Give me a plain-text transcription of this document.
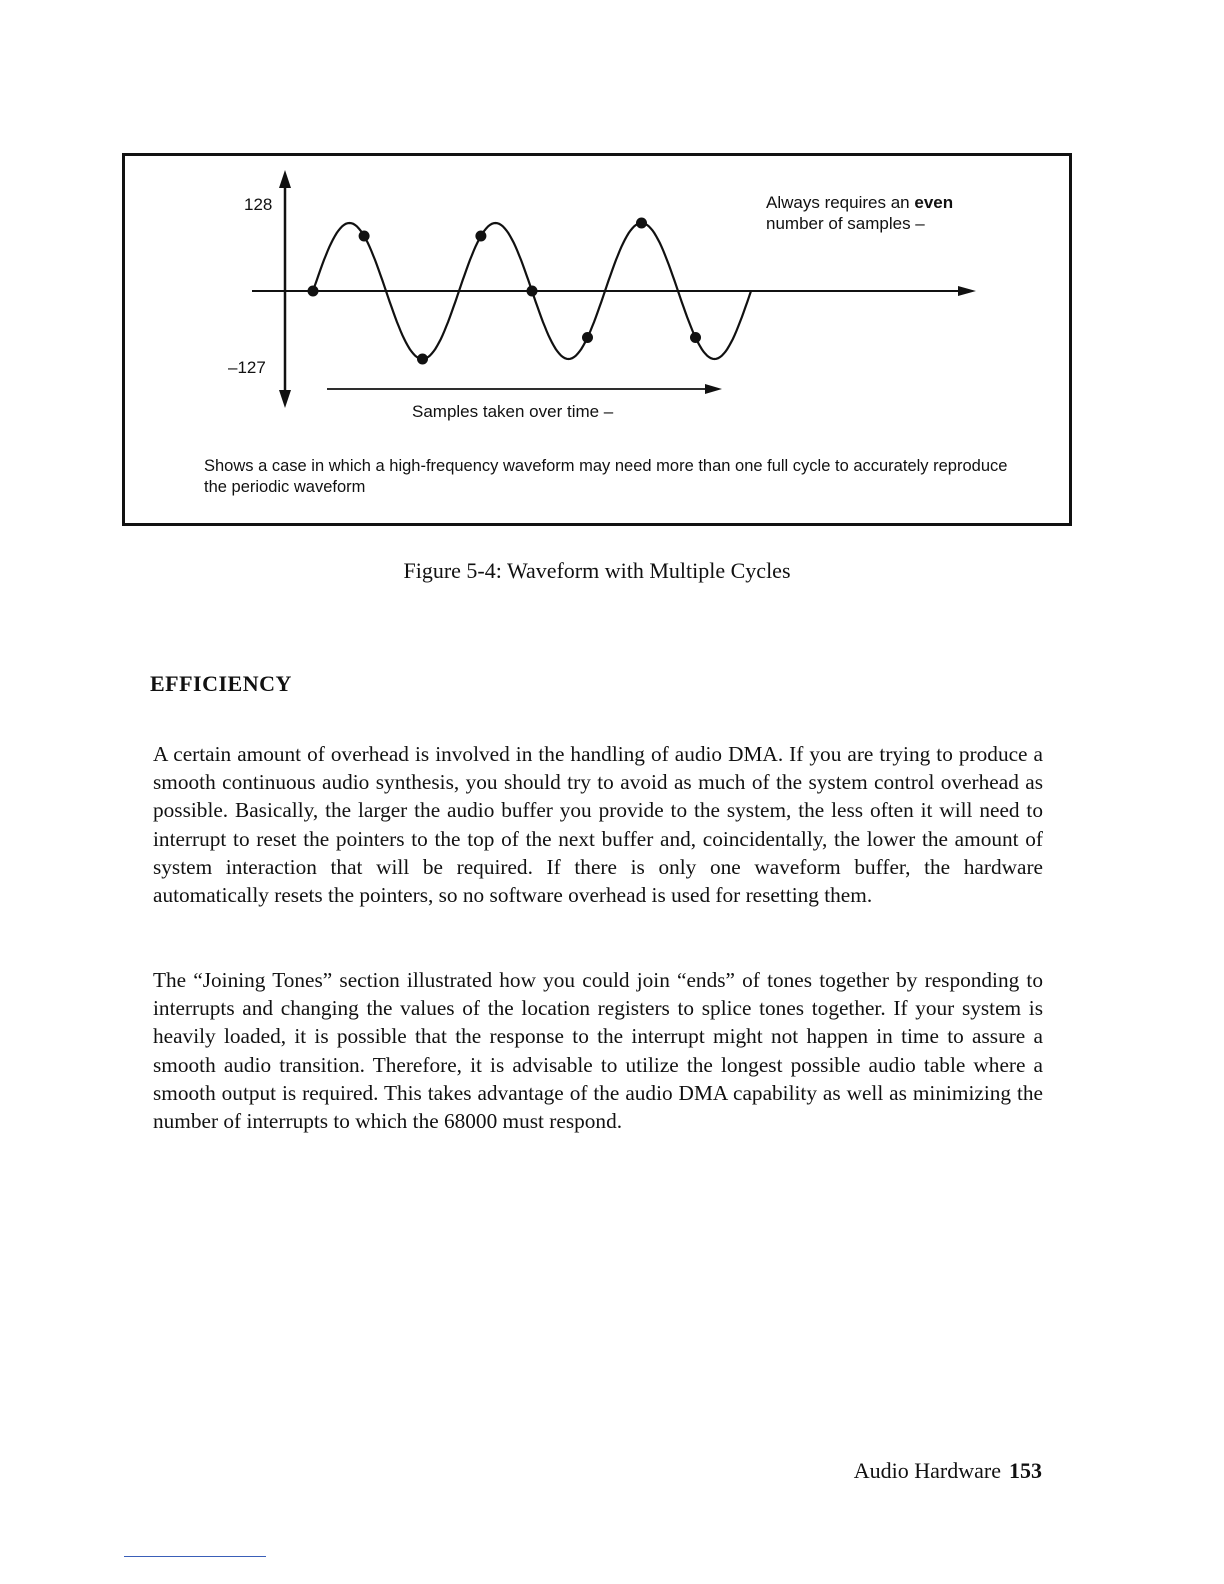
128
–127
Always requires an even
number of samples –
Samples taken over time –
Shows a case in which a high-frequency waveform may need more than one full cycle to accurately reproduce the periodic waveform
Figure 5-4: Waveform with Multiple Cycles
EFFICIENCY

A certain amount of overhead is involved in the handling of audio DMA. If you are trying to produce a smooth continuous audio synthesis, you should try to avoid as much of the system control overhead as possible. Basically, the larger the audio buffer you provide to the system, the less often it will need to interrupt to reset the pointers to the top of the next buffer and, coincidentally, the lower the amount of system interaction that will be required. If there is only one waveform buffer, the hardware automatically resets the pointers, so no software overhead is used for resetting them.

The “Joining Tones” section illustrated how you could join “ends” of tones together by responding to interrupts and changing the values of the location registers to splice tones together. If your system is heavily loaded, it is possible that the response to the interrupt might not happen in time to assure a smooth audio transition. Therefore, it is advisable to utilize the longest possible audio table where a smooth output is required. This takes advantage of the audio DMA capability as well as minimizing the number of interrupts to which the 68000 must respond.

Audio Hardware 153
